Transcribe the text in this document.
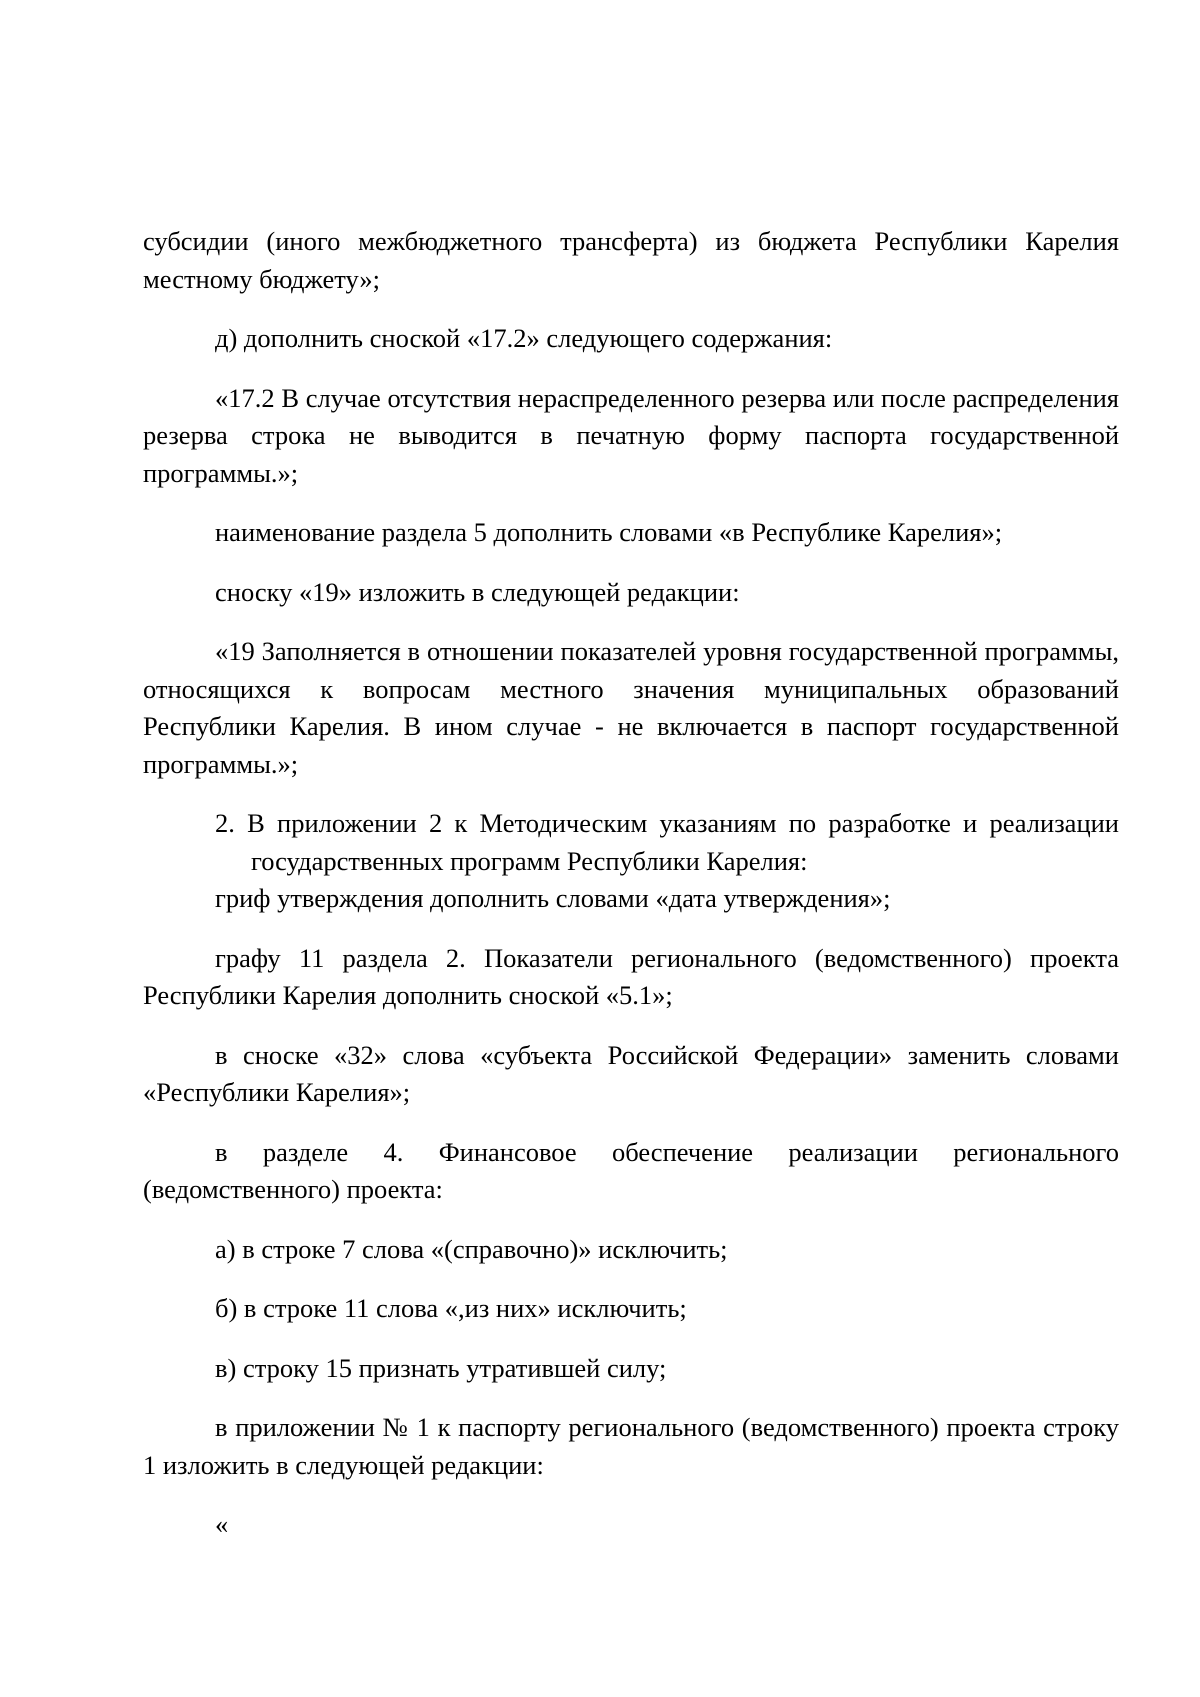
субсидии (иного межбюджетного трансферта) из бюджета Республики Карелия местному бюджету»;

д) дополнить сноской «17.2» следующего содержания:

«17.2 В случае отсутствия нераспределенного резерва или после распределения резерва строка не выводится в печатную форму паспорта государственной программы.»;

наименование раздела 5 дополнить словами «в Республике Карелия»;

сноску «19» изложить в следующей редакции:

«19 Заполняется в отношении показателей уровня государственной программы, относящихся к вопросам местного значения муниципальных образований Республики Карелия. В ином случае - не включается в паспорт государственной программы.»;

2. В приложении 2 к Методическим указаниям по разработке и реализации государственных программ Республики Карелия:

гриф утверждения дополнить словами «дата утверждения»;

графу 11 раздела 2. Показатели регионального (ведомственного) проекта Республики Карелия дополнить сноской «5.1»;

в сноске «32» слова «субъекта Российской Федерации» заменить словами «Республики Карелия»;

в разделе 4. Финансовое обеспечение реализации регионального (ведомственного) проекта:

а) в строке 7 слова «(справочно)» исключить;

б) в строке 11 слова «,из них» исключить;

в) строку 15 признать утратившей силу;

в приложении № 1 к паспорту регионального (ведомственного) проекта строку 1 изложить в следующей редакции:

«
